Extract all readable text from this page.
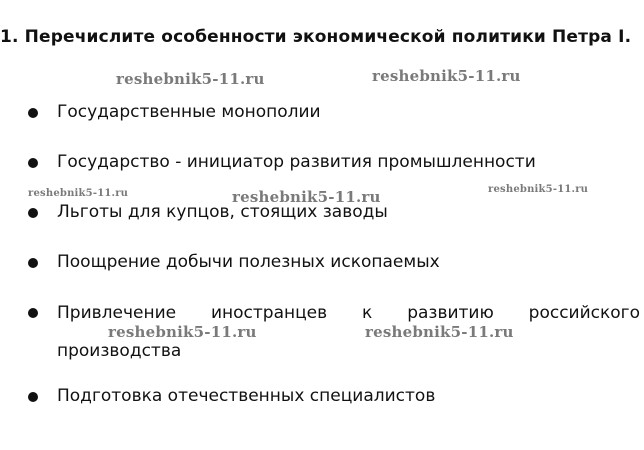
1. Перечислите особенности экономической политики Петра I.
Государственные монополии
Государство - инициатор развития промышленности
Льготы для купцов, стоящих заводы
Поощрение добычи полезных ископаемых
Привлечение иностранцев к развитию российского производства
Подготовка отечественных специалистов
reshebnik5-11.ru	reshebnik5-11.ru
reshebnik5-11.ru	reshebnik5-11.ru	reshebnik5-11.ru
reshebnik5-11.ru	reshebnik5-11.ru
